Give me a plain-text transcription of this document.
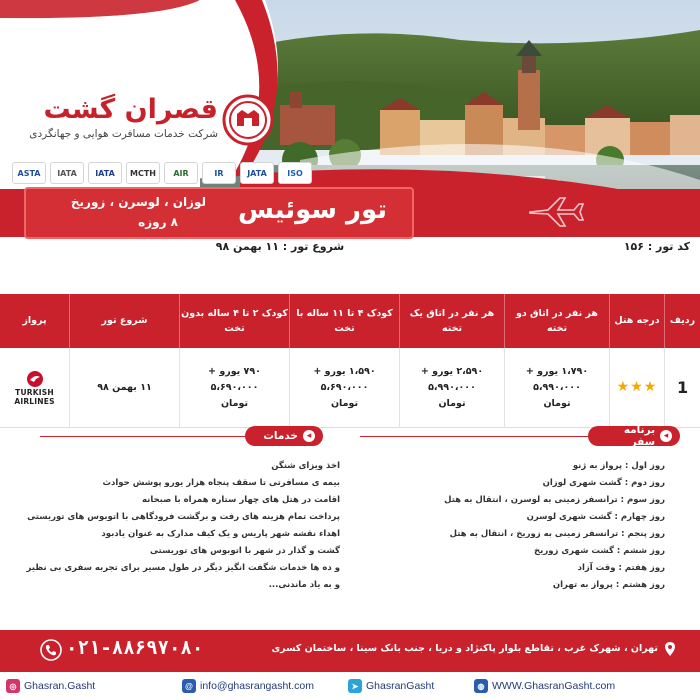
قصران گشت
شرکت خدمات مسافرت هوایی و جهانگردی
ASTA	IATA	IATA	MCTH	AIR	IR	JATA	ISO
تور سوئیس
لوزان ، لوسرن ، زوریخ
۸ روزه
کد تور : ۱۵۶
شروع تور : ۱۱ بهمن ۹۸
ردیف
درجه هتل
هر نفر در اتاق دو تخته
هر نفر در اتاق یک تخته
کودک ۴ تا ۱۱ ساله با تخت
کودک ۲ تا ۴ ساله بدون تخت
شروع تور
پرواز
1
★★★
۱،۷۹۰ یورو + ۵،۹۹۰،۰۰۰ تومان
۲،۵۹۰ یورو + ۵،۹۹۰،۰۰۰ تومان
۱،۵۹۰ یورو + ۵،۶۹۰،۰۰۰ تومان
۷۹۰ یورو + ۵،۶۹۰،۰۰۰ تومان
۱۱ بهمن ۹۸
TURKISH AIRLINES
◂
خدمات
اخذ ویزای شنگن
بیمه ی مسافرتی تا سقف پنجاه هزار یورو پوشش حوادث
اقامت در هتل های چهار ستاره همراه با صبحانه
پرداخت تمام هزینه های رفت و برگشت فرودگاهی با اتوبوس های توریستی
اهداء نقشه شهر پاریس و یک کیف مدارک به عنوان یادبود
گشت و گذار در شهر با اتوبوس های توریستی
و ده ها خدمات شگفت انگیز دیگر در طول مسیر برای تجربه سفری بی نظیر
و به یاد ماندنی...
◂
برنامه سفر
روز اول : پرواز به ژنو
روز دوم : گشت شهری لوزان
روز سوم : ترانسفر زمینی به لوسرن ، انتقال به هتل
روز چهارم : گشت شهری لوسرن
روز پنجم : ترانسفر زمینی به زوریخ ، انتقال به هتل
روز ششم : گشت شهری زوریخ
روز هفتم : وقت آزاد
روز هشتم : پرواز به تهران
۰۲۱-۸۸۶۹۷۰۸۰	تهران ، شهرک غرب ، تقاطع بلوار پاکنژاد و دریا ، جنب بانک سینا ، ساختمان کسری
◎ Ghasran.Gasht	@ info@ghasrangasht.com	➤ GhasranGasht	◍ WWW.GhasranGasht.com
